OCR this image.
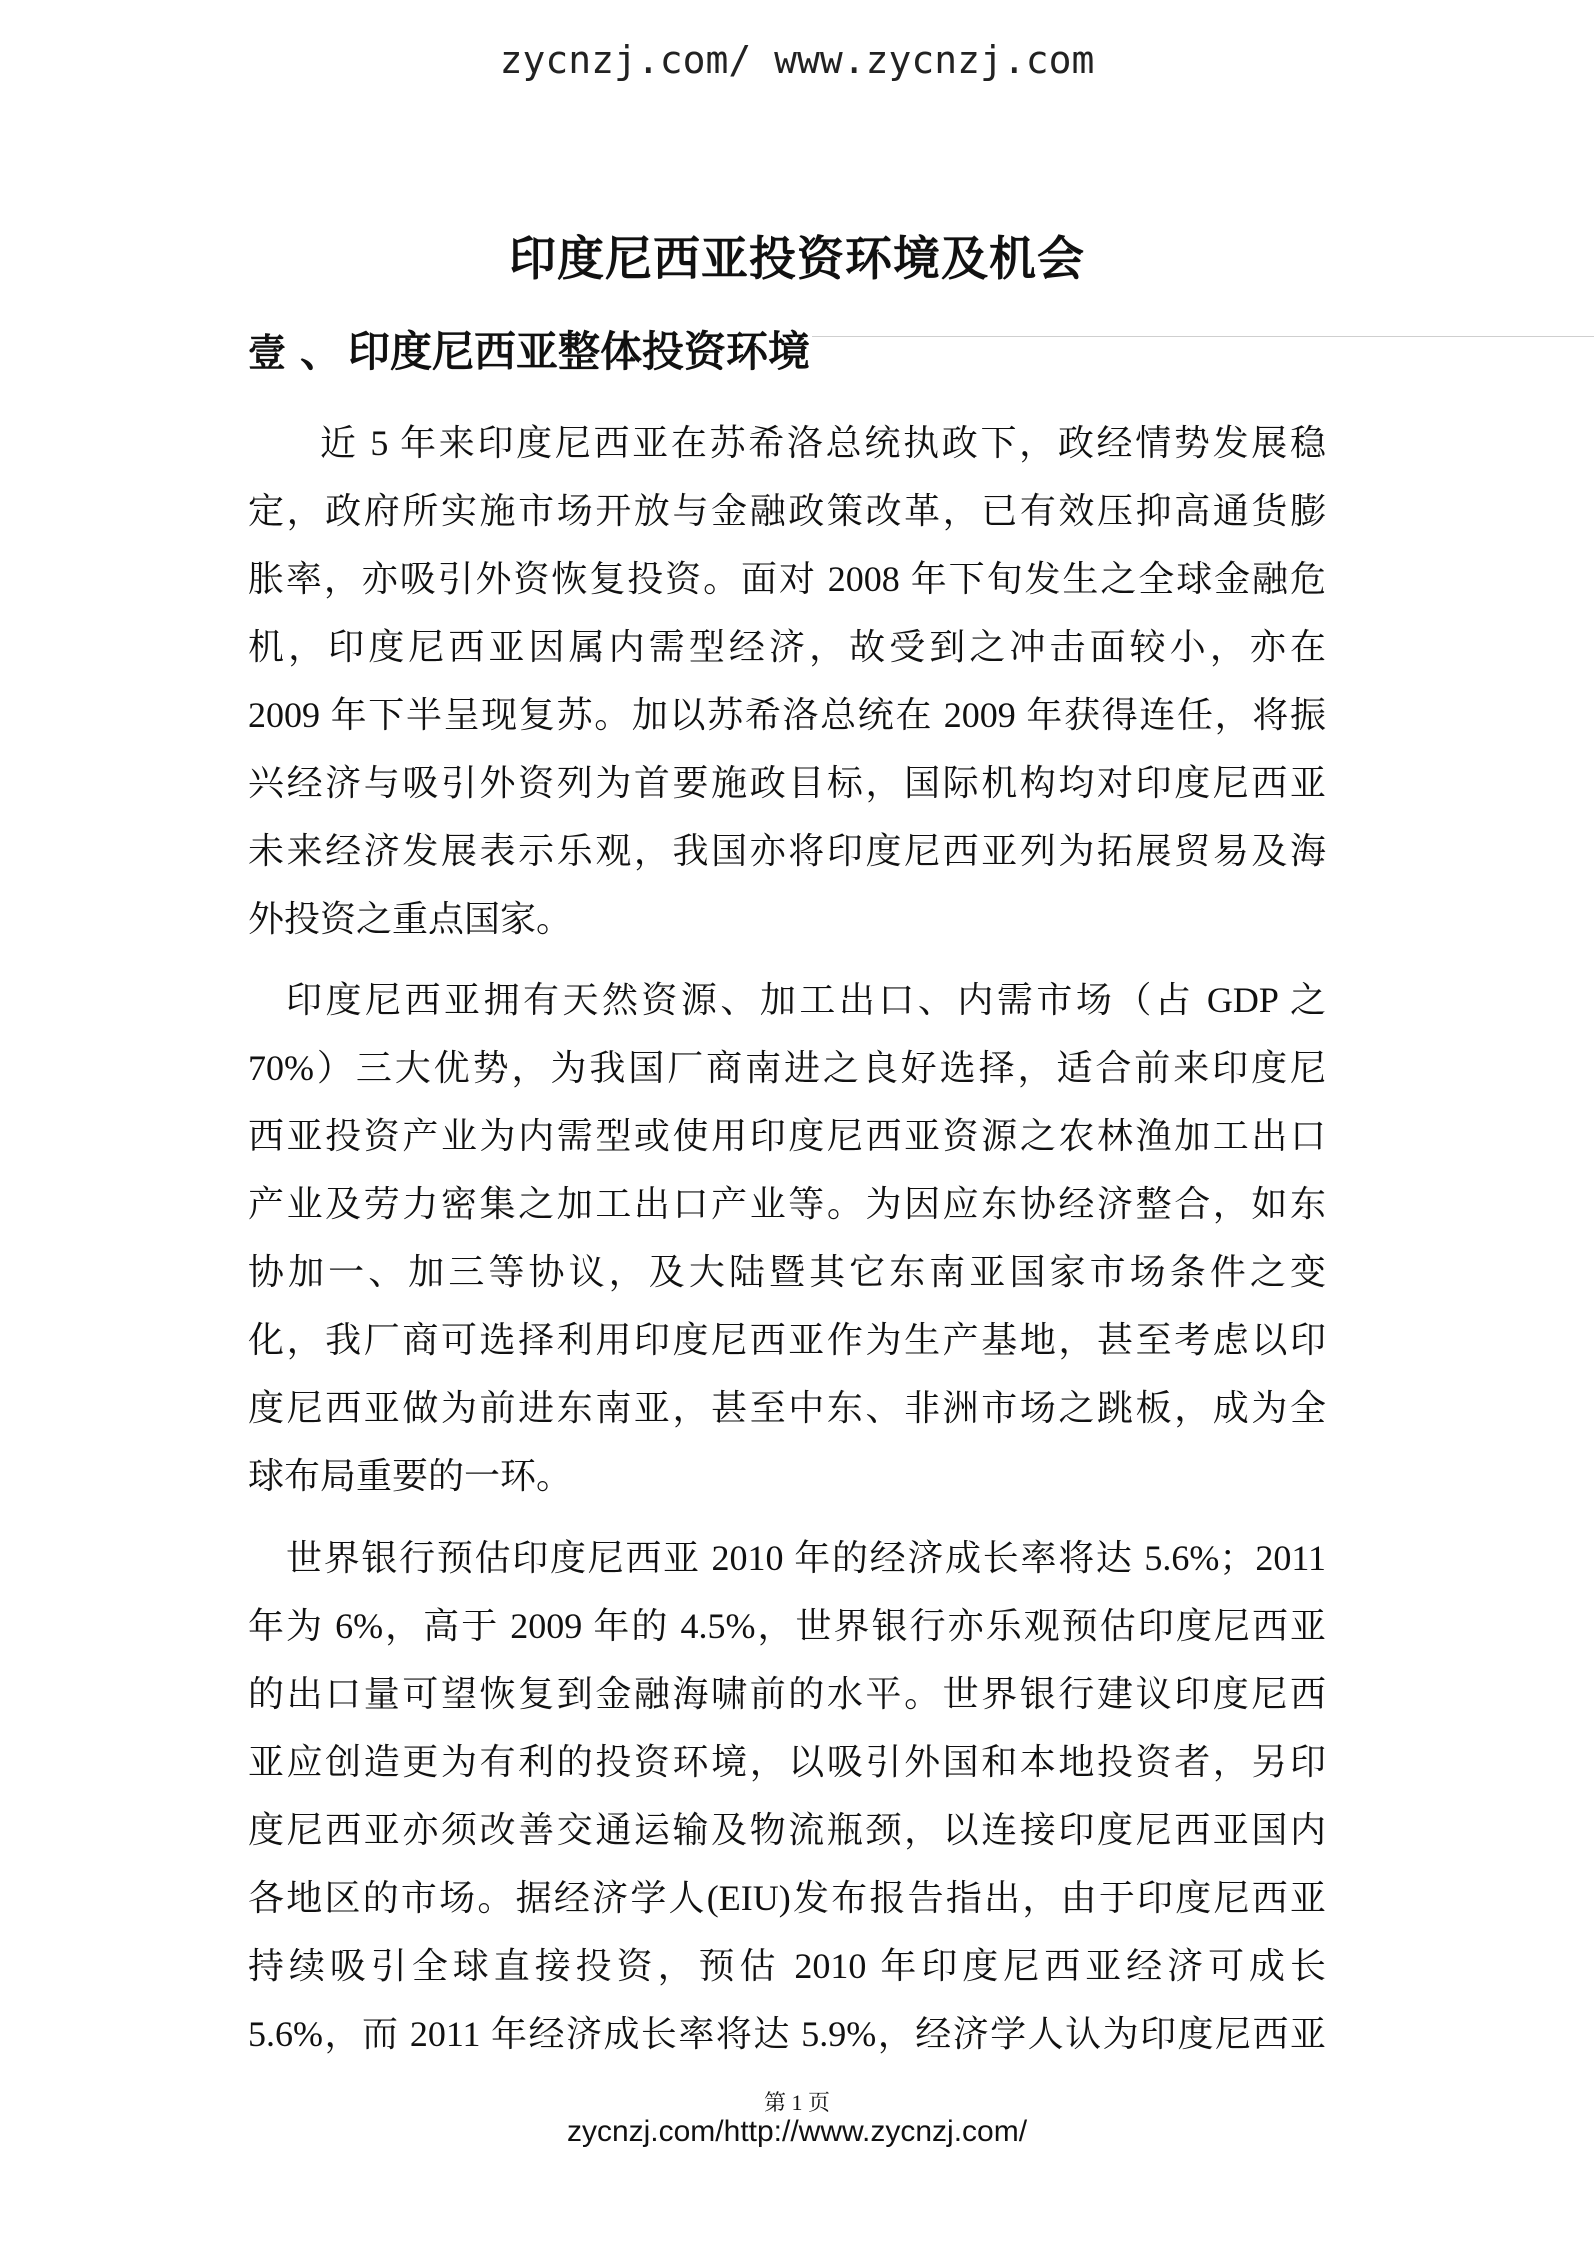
zycnzj.com/ www.zycnzj.com
印度尼西亚投资环境及机会
壹 、 印度尼西亚整体投资环境
近 5 年来印度尼西亚在苏希洛总统执政下，政经情势发展稳
定，政府所实施市场开放与金融政策改革，已有效压抑高通货膨
胀率，亦吸引外资恢复投资。面对 2008 年下旬发生之全球金融危
机，印度尼西亚因属内需型经济，故受到之冲击面较小，亦在
2009 年下半呈现复苏。加以苏希洛总统在 2009 年获得连任，将振
兴经济与吸引外资列为首要施政目标，国际机构均对印度尼西亚
未来经济发展表示乐观，我国亦将印度尼西亚列为拓展贸易及海
外投资之重点国家。
印度尼西亚拥有天然资源、加工出口、内需市场（占 GDP 之
70%）三大优势，为我国厂商南进之良好选择，适合前来印度尼
西亚投资产业为内需型或使用印度尼西亚资源之农林渔加工出口
产业及劳力密集之加工出口产业等。为因应东协经济整合，如东
协加一、加三等协议，及大陆暨其它东南亚国家市场条件之变
化，我厂商可选择利用印度尼西亚作为生产基地，甚至考虑以印
度尼西亚做为前进东南亚，甚至中东、非洲市场之跳板，成为全
球布局重要的一环。
世界银行预估印度尼西亚 2010 年的经济成长率将达 5.6%；2011
年为 6%，高于 2009 年的 4.5%，世界银行亦乐观预估印度尼西亚
的出口量可望恢复到金融海啸前的水平。世界银行建议印度尼西
亚应创造更为有利的投资环境，以吸引外国和本地投资者，另印
度尼西亚亦须改善交通运输及物流瓶颈，以连接印度尼西亚国内
各地区的市场。据经济学人(EIU)发布报告指出，由于印度尼西亚
持续吸引全球直接投资，预估 2010 年印度尼西亚经济可成长
5.6%，而 2011 年经济成长率将达 5.9%，经济学人认为印度尼西亚
第 1 页
zycnzj.com/http://www.zycnzj.com/
